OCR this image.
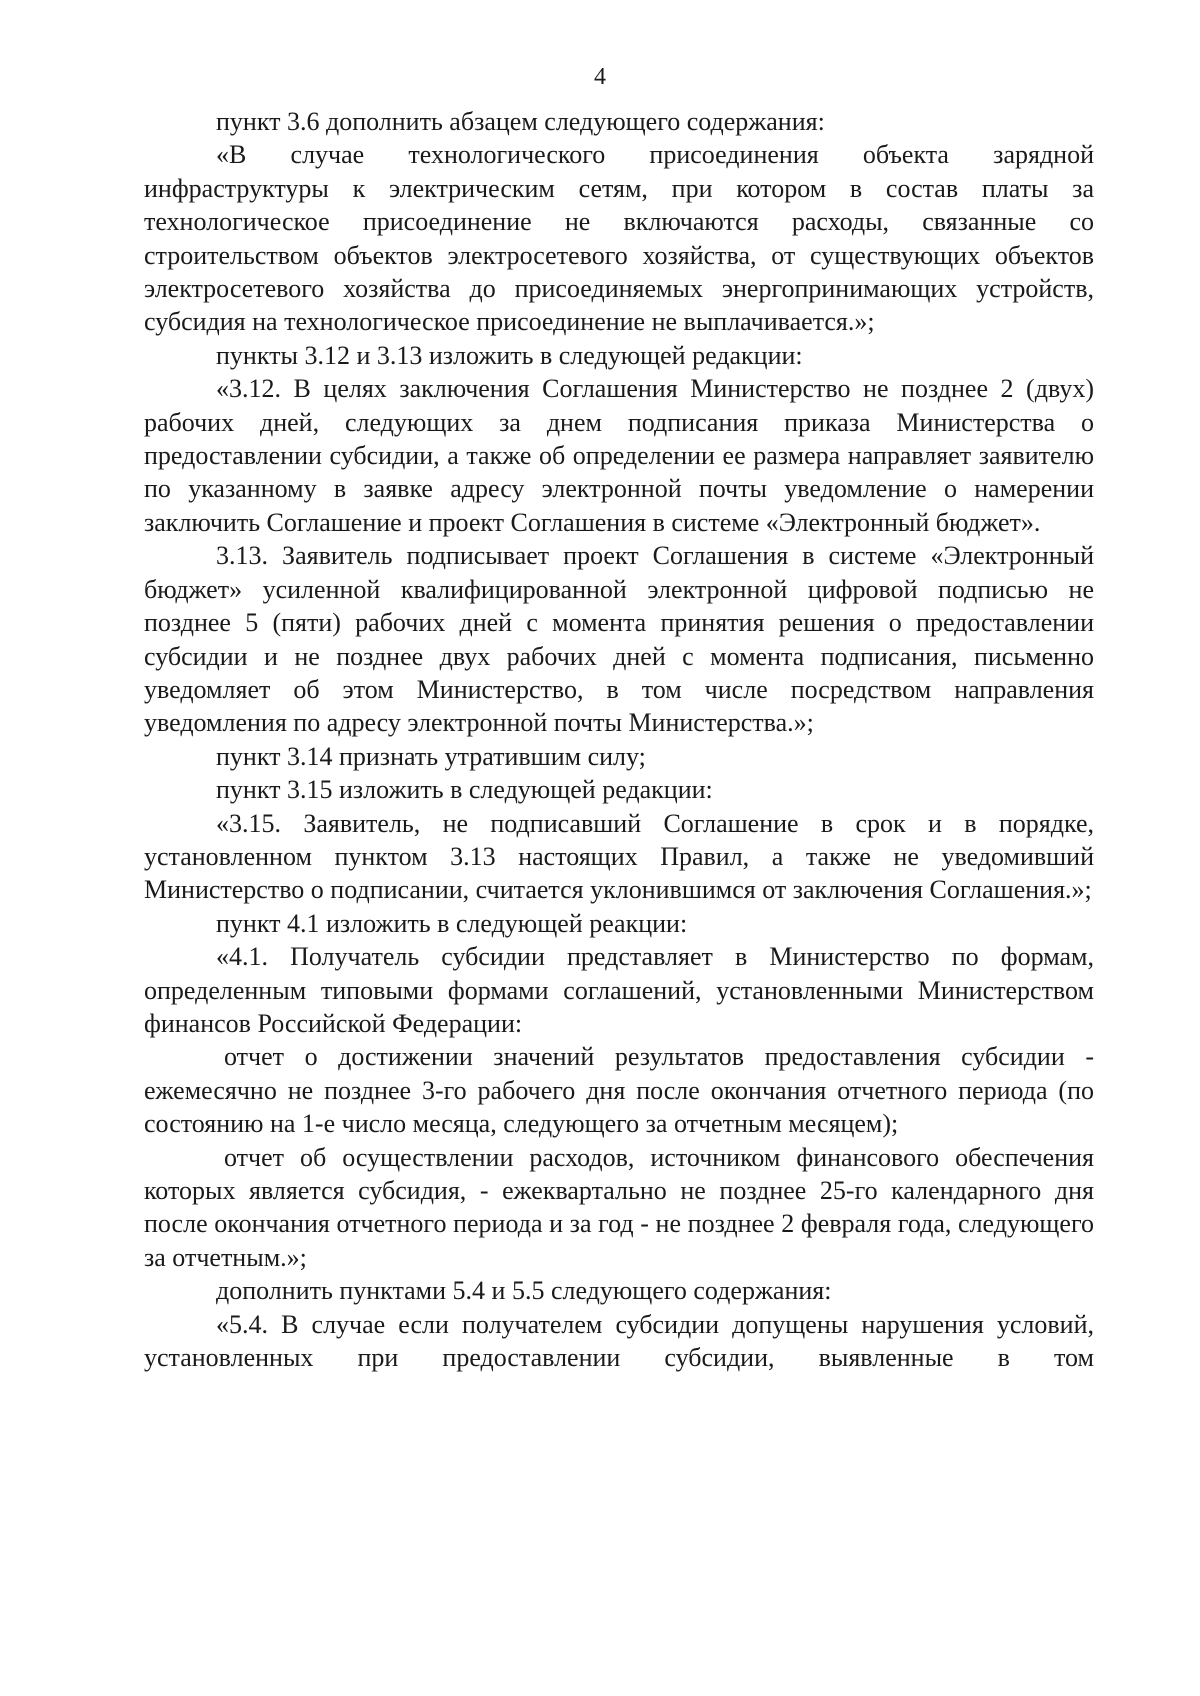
4

пункт 3.6 дополнить абзацем следующего содержания:

«В случае технологического присоединения объекта зарядной инфраструктуры к электрическим сетям, при котором в состав платы за технологическое присоединение не включаются расходы, связанные со строительством объектов электросетевого хозяйства, от существующих объектов электросетевого хозяйства до присоединяемых энергопринимающих устройств, субсидия на технологическое присоединение не выплачивается.»;

пункты 3.12 и 3.13 изложить в следующей редакции:

«3.12. В целях заключения Соглашения Министерство не позднее 2 (двух) рабочих дней, следующих за днем подписания приказа Министерства о предоставлении субсидии, а также об определении ее размера направляет заявителю по указанному в заявке адресу электронной почты уведомление о намерении заключить Соглашение и проект Соглашения в системе «Электронный бюджет».

3.13. Заявитель подписывает проект Соглашения в системе «Электронный бюджет» усиленной квалифицированной электронной цифровой подписью не позднее 5 (пяти) рабочих дней с момента принятия решения о предоставлении субсидии и не позднее двух рабочих дней с момента подписания, письменно уведомляет об этом Министерство, в том числе посредством направления уведомления по адресу электронной почты Министерства.»;

пункт 3.14 признать утратившим силу;

пункт 3.15 изложить в следующей редакции:

«3.15. Заявитель, не подписавший Соглашение в срок и в порядке, установленном пунктом 3.13 настоящих Правил, а также не уведомивший Министерство о подписании, считается уклонившимся от заключения Соглашения.»;

пункт 4.1 изложить в следующей реакции:

«4.1. Получатель субсидии представляет в Министерство по формам, определенным типовыми формами соглашений, установленными Министерством финансов Российской Федерации:

отчет о достижении значений результатов предоставления субсидии - ежемесячно не позднее 3-го рабочего дня после окончания отчетного периода (по состоянию на 1-е число месяца, следующего за отчетным месяцем);

отчет об осуществлении расходов, источником финансового обеспечения которых является субсидия, - ежеквартально не позднее 25-го календарного дня после окончания отчетного периода и за год - не позднее 2 февраля года, следующего за отчетным.»;

дополнить пунктами 5.4 и 5.5 следующего содержания:

«5.4. В случае если получателем субсидии допущены нарушения условий, установленных при предоставлении субсидии, выявленные в том
